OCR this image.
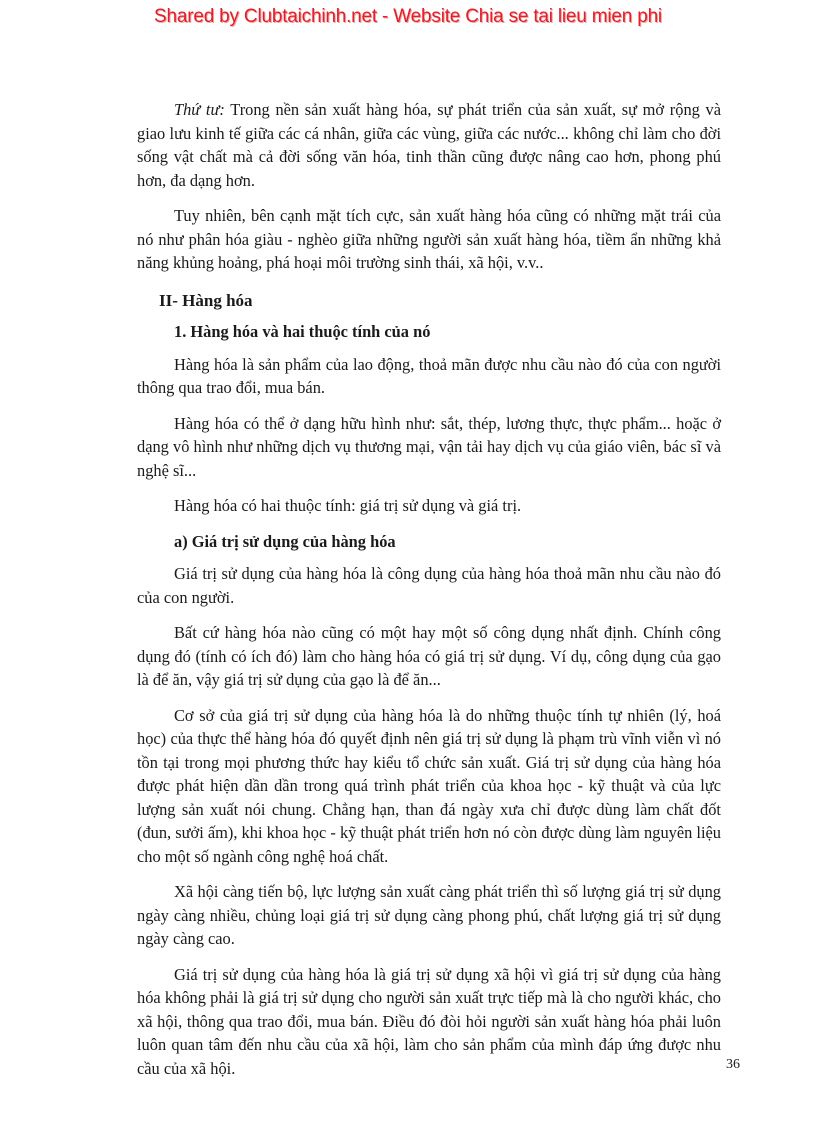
Shared by Clubtaichinh.net - Website Chia se tai lieu mien phi

Thứ tư: Trong nền sản xuất hàng hóa, sự phát triển của sản xuất, sự mở rộng và giao lưu kinh tế giữa các cá nhân, giữa các vùng, giữa các nước... không chỉ làm cho đời sống vật chất mà cả đời sống văn hóa, tinh thần cũng được nâng cao hơn, phong phú hơn, đa dạng hơn.

Tuy nhiên, bên cạnh mặt tích cực, sản xuất hàng hóa cũng có những mặt trái của nó như phân hóa giàu - nghèo giữa những người sản xuất hàng hóa, tiềm ẩn những khả năng khủng hoảng, phá hoại môi trường sinh thái, xã hội, v.v..

II- Hàng hóa
1. Hàng hóa và hai thuộc tính của nó

Hàng hóa là sản phẩm của lao động, thoả mãn được nhu cầu nào đó của con người thông qua trao đổi, mua bán.

Hàng hóa có thể ở dạng hữu hình như: sắt, thép, lương thực, thực phẩm... hoặc ở dạng vô hình như những dịch vụ thương mại, vận tải hay dịch vụ của giáo viên, bác sĩ và nghệ sĩ...

Hàng hóa có hai thuộc tính: giá trị sử dụng và giá trị.

a) Giá trị sử dụng của hàng hóa

Giá trị sử dụng của hàng hóa là công dụng của hàng hóa thoả mãn nhu cầu nào đó của con người.

Bất cứ hàng hóa nào cũng có một hay một số công dụng nhất định. Chính công dụng đó (tính có ích đó) làm cho hàng hóa có giá trị sử dụng. Ví dụ, công dụng của gạo là để ăn, vậy giá trị sử dụng của gạo là để ăn...

Cơ sở của giá trị sử dụng của hàng hóa là do những thuộc tính tự nhiên (lý, hoá học) của thực thể hàng hóa đó quyết định nên giá trị sử dụng là phạm trù vĩnh viễn vì nó tồn tại trong mọi phương thức hay kiểu tổ chức sản xuất. Giá trị sử dụng của hàng hóa được phát hiện dần dần trong quá trình phát triển của khoa học - kỹ thuật và của lực lượng sản xuất nói chung. Chẳng hạn, than đá ngày xưa chỉ được dùng làm chất đốt (đun, sưởi ấm), khi khoa học - kỹ thuật phát triển hơn nó còn được dùng làm nguyên liệu cho một số ngành công nghệ hoá chất.

Xã hội càng tiến bộ, lực lượng sản xuất càng phát triển thì số lượng giá trị sử dụng ngày càng nhiều, chủng loại giá trị sử dụng càng phong phú, chất lượng giá trị sử dụng ngày càng cao.

Giá trị sử dụng của hàng hóa là giá trị sử dụng xã hội vì giá trị sử dụng của hàng hóa không phải là giá trị sử dụng cho người sản xuất trực tiếp mà là cho người khác, cho xã hội, thông qua trao đổi, mua bán. Điều đó đòi hỏi người sản xuất hàng hóa phải luôn luôn quan tâm đến nhu cầu của xã hội, làm cho sản phẩm của mình đáp ứng được nhu cầu của xã hội.	36
